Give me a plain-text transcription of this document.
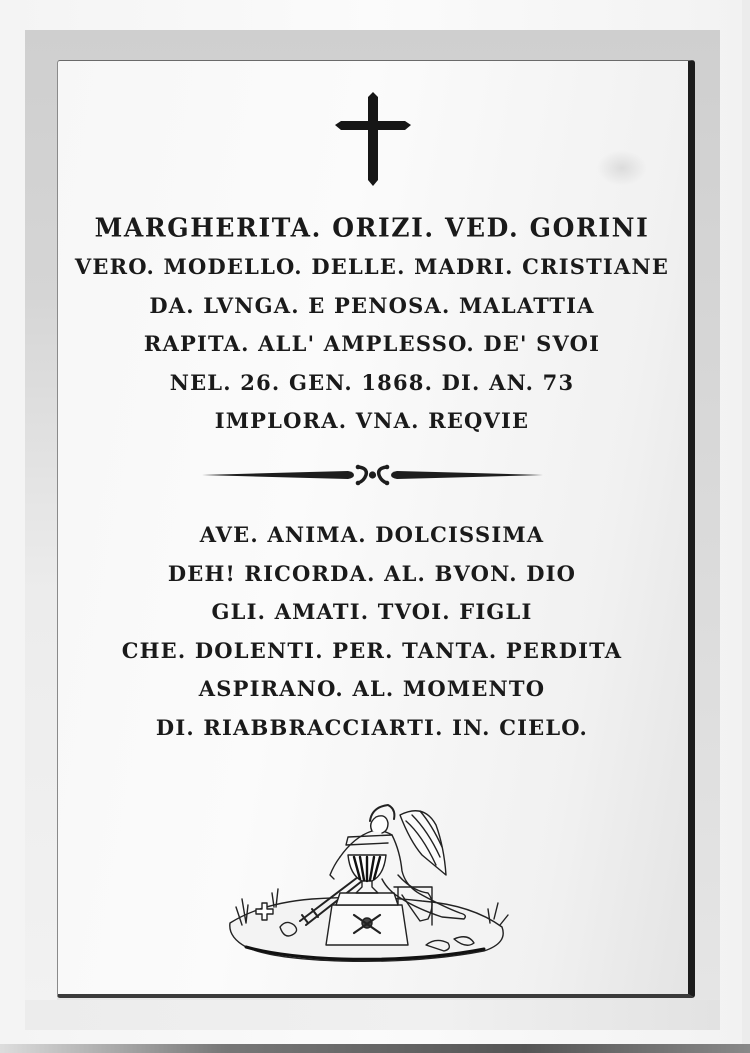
MARGHERITA. ORIZI. VED. GORINI
VERO. MODELLO. DELLE. MADRI. CRISTIANE
DA. LVNGA. E PENOSA. MALATTIA
RAPITA. ALL' AMPLESSO. DE' SVOI
NEL. 26. GEN. 1868. DI. AN. 73
IMPLORA. VNA. REQVIE
AVE. ANIMA. DOLCISSIMA
DEH! RICORDA. AL. BVON. DIO
GLI. AMATI. TVOI. FIGLI
CHE. DOLENTI. PER. TANTA. PERDITA
ASPIRANO. AL. MOMENTO
DI. RIABBRACCIARTI. IN. CIELO.
